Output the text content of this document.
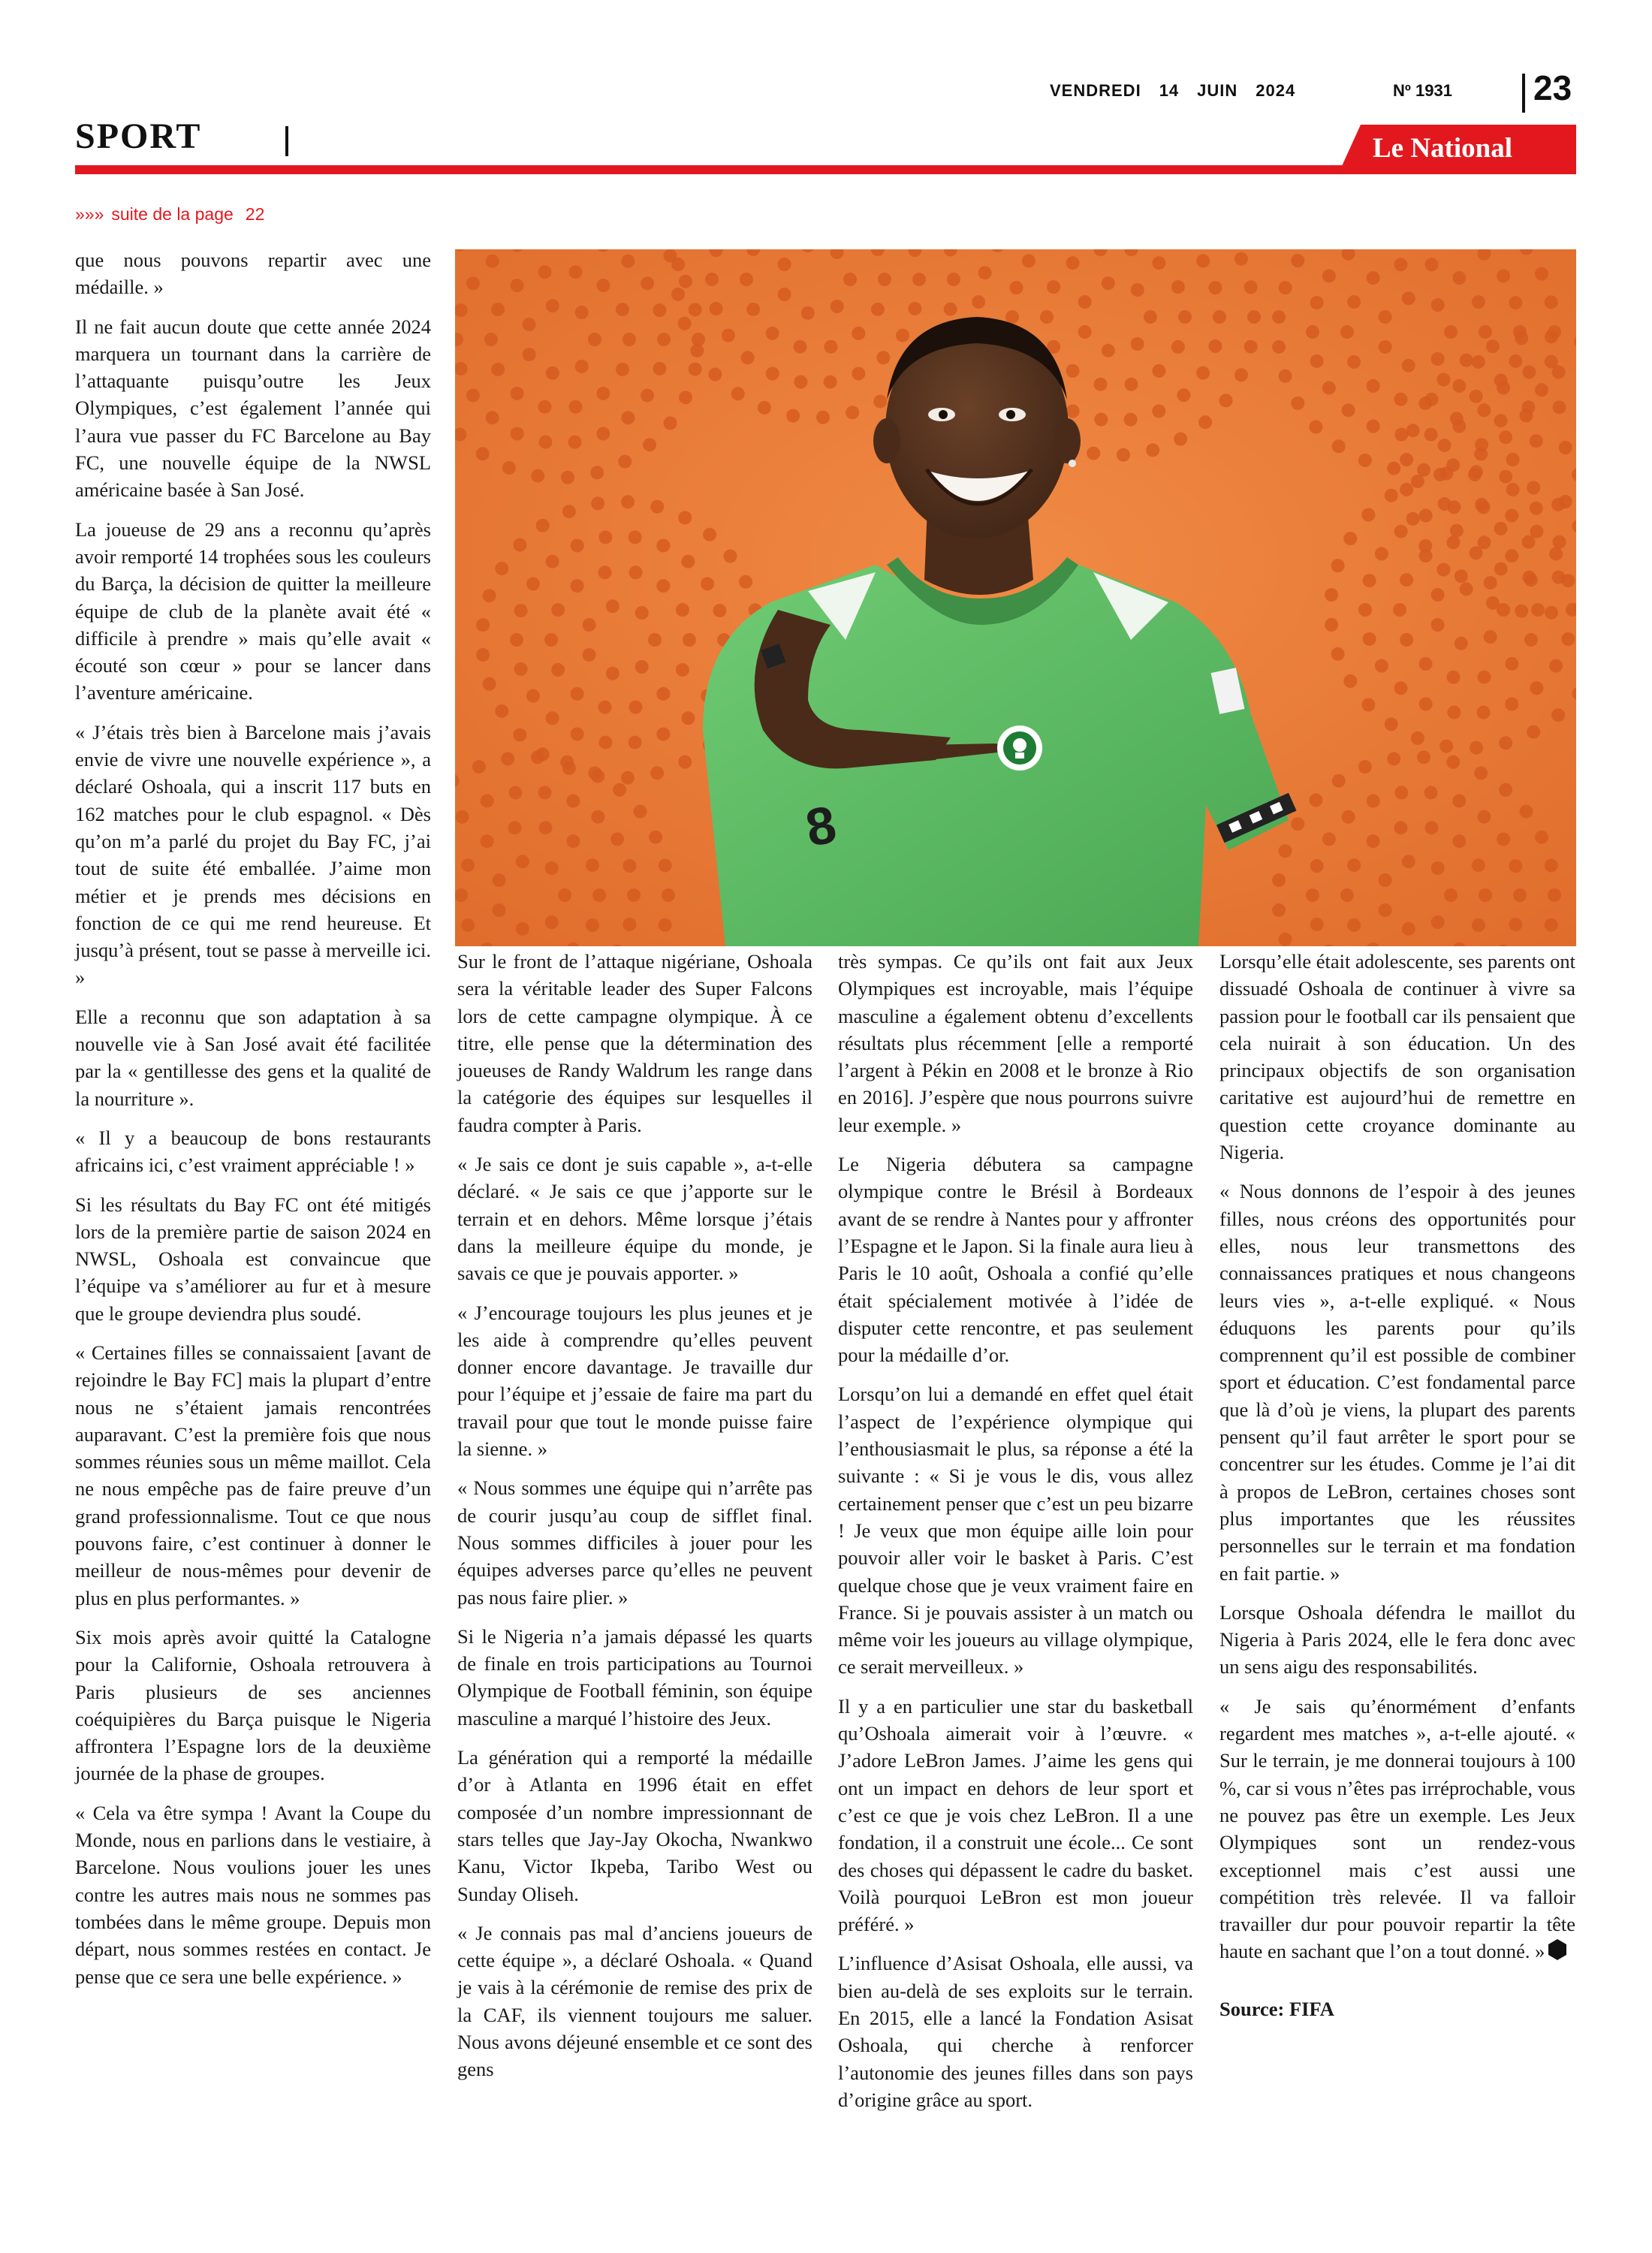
VENDREDI 14 JUIN 2024	Nº 1931 23
SPORT	Le National
»»» suite de la page 22
8

que nous pouvons repartir avec une médaille. »

Il ne fait aucun doute que cette année 2024 marquera un tournant dans la carrière de l’attaquante puisqu’outre les Jeux Olympiques, c’est également l’année qui l’aura vue passer du FC Barcelone au Bay FC, une nouvelle équipe de la NWSL américaine basée à San José.

La joueuse de 29 ans a reconnu qu’après avoir remporté 14 trophées sous les couleurs du Barça, la décision de quitter la meilleure équipe de club de la planète avait été « difficile à prendre » mais qu’elle avait « écouté son cœur » pour se lancer dans l’aventure américaine.

« J’étais très bien à Barcelone mais j’avais envie de vivre une nouvelle expérience », a déclaré Oshoala, qui a inscrit 117 buts en 162 matches pour le club espagnol. « Dès qu’on m’a parlé du projet du Bay FC, j’ai tout de suite été emballée. J’aime mon métier et je prends mes décisions en fonction de ce qui me rend heureuse. Et jusqu’à présent, tout se passe à merveille ici. »

Elle a reconnu que son adaptation à sa nouvelle vie à San José avait été facilitée par la « gentillesse des gens et la qualité de la nourriture ».

« Il y a beaucoup de bons restaurants africains ici, c’est vraiment appréciable ! »

Si les résultats du Bay FC ont été mitigés lors de la première partie de saison 2024 en NWSL, Oshoala est convaincue que l’équipe va s’améliorer au fur et à mesure que le groupe deviendra plus soudé.

« Certaines filles se connaissaient [avant de rejoindre le Bay FC] mais la plupart d’entre nous ne s’étaient jamais rencontrées auparavant. C’est la première fois que nous sommes réunies sous un même maillot. Cela ne nous empêche pas de faire preuve d’un grand professionnalisme. Tout ce que nous pouvons faire, c’est continuer à donner le meilleur de nous-mêmes pour devenir de plus en plus performantes. »

Six mois après avoir quitté la Catalogne pour la Californie, Oshoala retrouvera à Paris plusieurs de ses anciennes coéquipières du Barça puisque le Nigeria affrontera l’Espagne lors de la deuxième journée de la phase de groupes.

« Cela va être sympa ! Avant la Coupe du Monde, nous en parlions dans le vestiaire, à Barcelone. Nous voulions jouer les unes contre les autres mais nous ne sommes pas tombées dans le même groupe. Depuis mon départ, nous sommes restées en contact. Je pense que ce sera une belle expérience. »

Sur le front de l’attaque nigériane, Oshoala sera la véritable leader des Super Falcons lors de cette campagne olympique. À ce titre, elle pense que la détermination des joueuses de Randy Waldrum les range dans la catégorie des équipes sur lesquelles il faudra compter à Paris.

« Je sais ce dont je suis capable », a-t-elle déclaré. « Je sais ce que j’apporte sur le terrain et en dehors. Même lorsque j’étais dans la meilleure équipe du monde, je savais ce que je pouvais apporter. »

« J’encourage toujours les plus jeunes et je les aide à comprendre qu’elles peuvent donner encore davantage. Je travaille dur pour l’équipe et j’essaie de faire ma part du travail pour que tout le monde puisse faire la sienne. »

« Nous sommes une équipe qui n’arrête pas de courir jusqu’au coup de sifflet final. Nous sommes difficiles à jouer pour les équipes adverses parce qu’elles ne peuvent pas nous faire plier. »

Si le Nigeria n’a jamais dépassé les quarts de finale en trois participations au Tournoi Olympique de Football féminin, son équipe masculine a marqué l’histoire des Jeux.

La génération qui a remporté la médaille d’or à Atlanta en 1996 était en effet composée d’un nombre impressionnant de stars telles que Jay-Jay Okocha, Nwankwo Kanu, Victor Ikpeba, Taribo West ou Sunday Oliseh.

« Je connais pas mal d’anciens joueurs de cette équipe », a déclaré Oshoala. « Quand je vais à la cérémonie de remise des prix de la CAF, ils viennent toujours me saluer. Nous avons déjeuné ensemble et ce sont des gens

très sympas. Ce qu’ils ont fait aux Jeux Olympiques est incroyable, mais l’équipe masculine a également obtenu d’excellents résultats plus récemment [elle a remporté l’argent à Pékin en 2008 et le bronze à Rio en 2016]. J’espère que nous pourrons suivre leur exemple. »

Le Nigeria débutera sa campagne olympique contre le Brésil à Bordeaux avant de se rendre à Nantes pour y affronter l’Espagne et le Japon. Si la finale aura lieu à Paris le 10 août, Oshoala a confié qu’elle était spécialement motivée à l’idée de disputer cette rencontre, et pas seulement pour la médaille d’or.

Lorsqu’on lui a demandé en effet quel était l’aspect de l’expérience olympique qui l’enthousiasmait le plus, sa réponse a été la suivante : « Si je vous le dis, vous allez certainement penser que c’est un peu bizarre ! Je veux que mon équipe aille loin pour pouvoir aller voir le basket à Paris. C’est quelque chose que je veux vraiment faire en France. Si je pouvais assister à un match ou même voir les joueurs au village olympique, ce serait merveilleux. »

Il y a en particulier une star du basketball qu’Oshoala aimerait voir à l’œuvre. « J’adore LeBron James. J’aime les gens qui ont un impact en dehors de leur sport et c’est ce que je vois chez LeBron. Il a une fondation, il a construit une école... Ce sont des choses qui dépassent le cadre du basket. Voilà pourquoi LeBron est mon joueur préféré. »

L’influence d’Asisat Oshoala, elle aussi, va bien au-delà de ses exploits sur le terrain. En 2015, elle a lancé la Fondation Asisat Oshoala, qui cherche à renforcer l’autonomie des jeunes filles dans son pays d’origine grâce au sport.

Lorsqu’elle était adolescente, ses parents ont dissuadé Oshoala de continuer à vivre sa passion pour le football car ils pensaient que cela nuirait à son éducation. Un des principaux objectifs de son organisation caritative est aujourd’hui de remettre en question cette croyance dominante au Nigeria.

« Nous donnons de l’espoir à des jeunes filles, nous créons des opportunités pour elles, nous leur transmettons des connaissances pratiques et nous changeons leurs vies », a-t-elle expliqué. « Nous éduquons les parents pour qu’ils comprennent qu’il est possible de combiner sport et éducation. C’est fondamental parce que là d’où je viens, la plupart des parents pensent qu’il faut arrêter le sport pour se concentrer sur les études. Comme je l’ai dit à propos de LeBron, certaines choses sont plus importantes que les réussites personnelles sur le terrain et ma fondation en fait partie. »

Lorsque Oshoala défendra le maillot du Nigeria à Paris 2024, elle le fera donc avec un sens aigu des responsabilités.

« Je sais qu’énormément d’enfants regardent mes matches », a-t-elle ajouté. « Sur le terrain, je me donnerai toujours à 100 %, car si vous n’êtes pas irréprochable, vous ne pouvez pas être un exemple. Les Jeux Olympiques sont un rendez-vous exceptionnel mais c’est aussi une compétition très relevée. Il va falloir travailler dur pour pouvoir repartir la tête haute en sachant que l’on a tout donné. »

Source: FIFA
